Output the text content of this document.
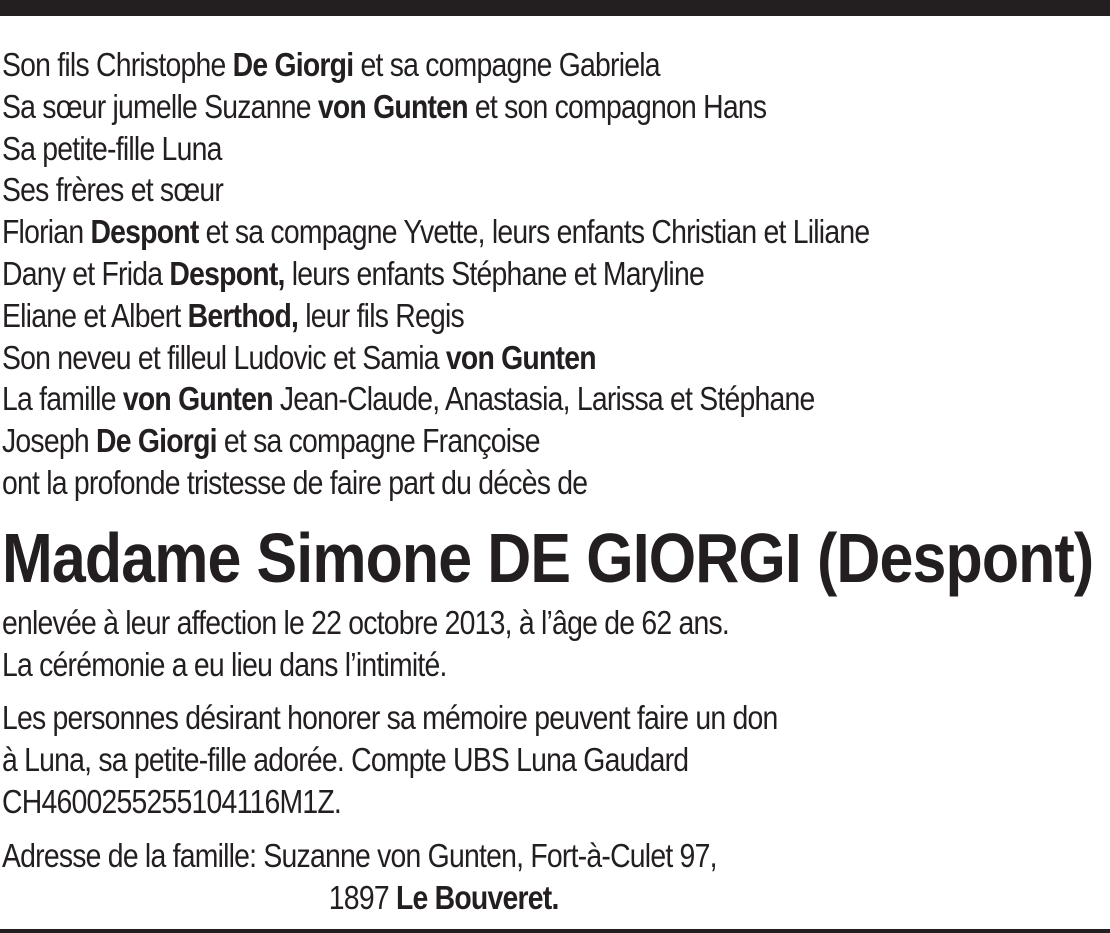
Son fils Christophe De Giorgi et sa compagne Gabriela
Sa sœur jumelle Suzanne von Gunten et son compagnon Hans
Sa petite-fille Luna
Ses frères et sœur
Florian Despont et sa compagne Yvette, leurs enfants Christian et Liliane
Dany et Frida Despont, leurs enfants Stéphane et Maryline
Eliane et Albert Berthod, leur fils Regis
Son neveu et filleul Ludovic et Samia von Gunten
La famille von Gunten Jean-Claude, Anastasia, Larissa et Stéphane
Joseph De Giorgi et sa compagne Françoise
ont la profonde tristesse de faire part du décès de
Madame Simone DE GIORGI (Despont)
enlevée à leur affection le 22 octobre 2013, à l’âge de 62 ans.
La cérémonie a eu lieu dans l’intimité.
Les personnes désirant honorer sa mémoire peuvent faire un don
à Luna, sa petite-fille adorée. Compte UBS Luna Gaudard
CH4600255255104116M1Z.
Adresse de la famille: Suzanne von Gunten, Fort-à-Culet 97,
1897 Le Bouveret.
